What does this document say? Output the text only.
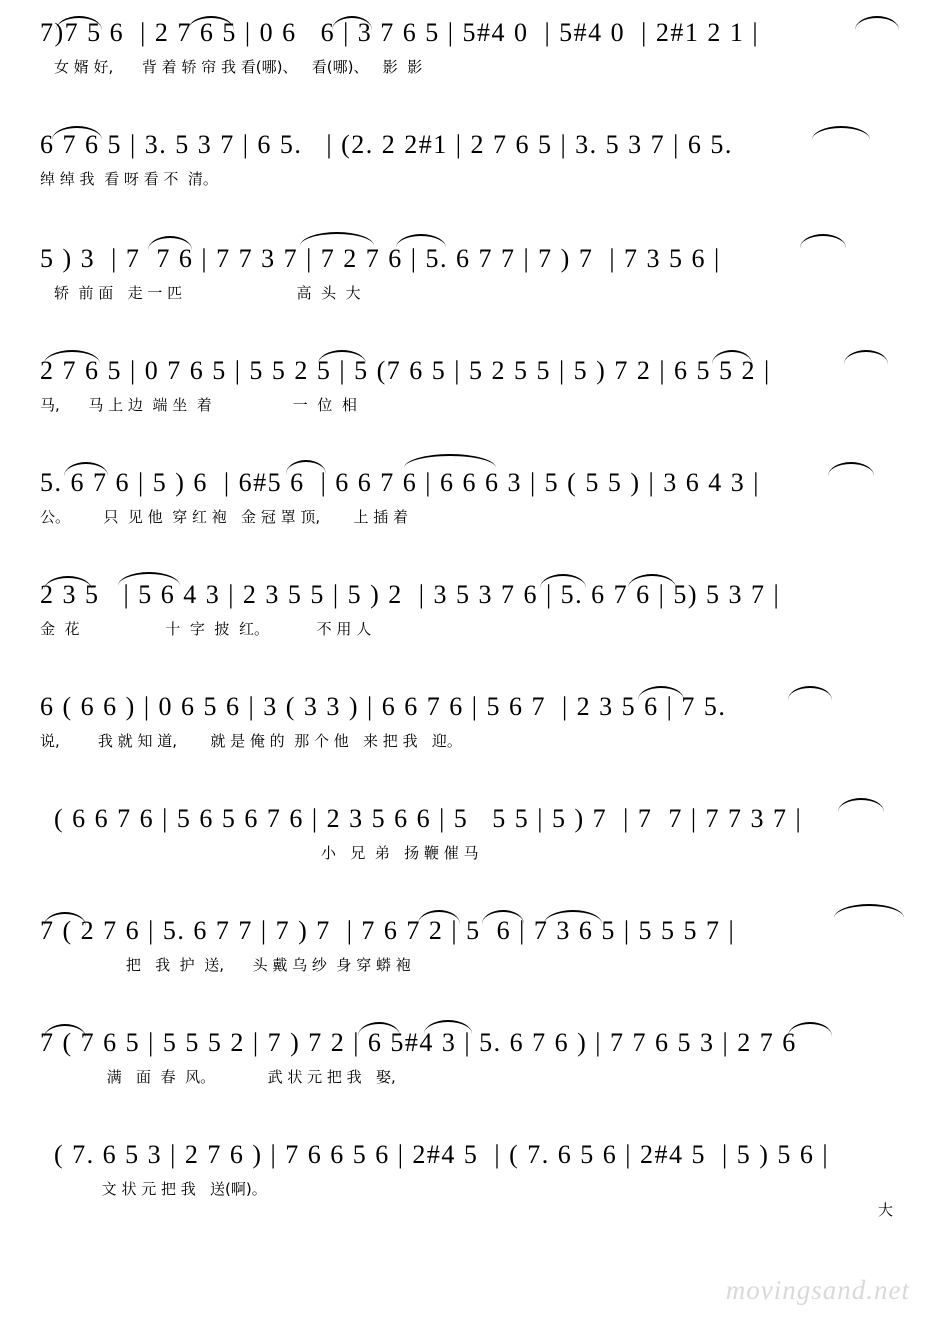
7)7 5 6  | 2 7 6 5 | 0 6   6 | 3 7 6 5 | 5#4 0  | 5#4 0  | 2#1 2 1 |
女 婿 好,      背 着 轿 帘 我 看(哪)、   看(哪)、   影  影
6 7 6 5 | 3. 5 3 7 | 6 5.   | (2. 2 2#1 | 2 7 6 5 | 3. 5 3 7 | 6 5.
绰 绰 我  看 呀 看 不  清。
5 ) 3  | 7  7 6 | 7 7 3 7 | 7 2 7 6 | 5. 6 7 7 | 7 ) 7  | 7 3 5 6 |
轿  前 面   走 一 匹                        高  头  大
2 7 6 5 | 0 7 6 5 | 5 5 2 5 | 5 (7 6 5 | 5 2 5 5 | 5 ) 7 2 | 6 5 5 2 |
马,      马 上 边  端 坐  着                 一  位  相
5. 6 7 6 | 5 ) 6  | 6#5 6  | 6 6 7 6 | 6 6 6 3 | 5 ( 5 5 ) | 3 6 4 3 |
公。       只  见 他  穿 红 袍   金 冠 罩 顶,       上 插 着
2 3 5   | 5 6 4 3 | 2 3 5 5 | 5 ) 2  | 3 5 3 7 6 | 5. 6 7 6 | 5) 5 3 7 |
金  花                  十  字  披  红。          不 用 人
6 ( 6 6 ) | 0 6 5 6 | 3 ( 3 3 ) | 6 6 7 6 | 5 6 7  | 2 3 5 6 | 7 5.
说,        我 就 知 道,       就 是 俺 的  那 个 他   来 把 我   迎。
( 6 6 7 6 | 5 6 5 6 7 6 | 2 3 5 6 6 | 5   5 5 | 5 ) 7  | 7  7 | 7 7 3 7 |
小   兄  弟   扬 鞭 催 马
7 ( 2 7 6 | 5. 6 7 7 | 7 ) 7  | 7 6 7 2 | 5  6 | 7 3 6 5 | 5 5 5 7 |
把   我  护  送,      头 戴 乌 纱  身 穿 蟒 袍
7 ( 7 6 5 | 5 5 5 2 | 7 ) 7 2 | 6 5#4 3 | 5. 6 7 6 ) | 7 7 6 5 3 | 2 7 6
满   面  春  风。           武 状 元 把 我   娶,
( 7. 6 5 3 | 2 7 6 ) | 7 6 6 5 6 | 2#4 5  | ( 7. 6 5 6 | 2#4 5  | 5 ) 5 6 |
文 状 元 把 我   送(啊)。
大
movingsand.net
